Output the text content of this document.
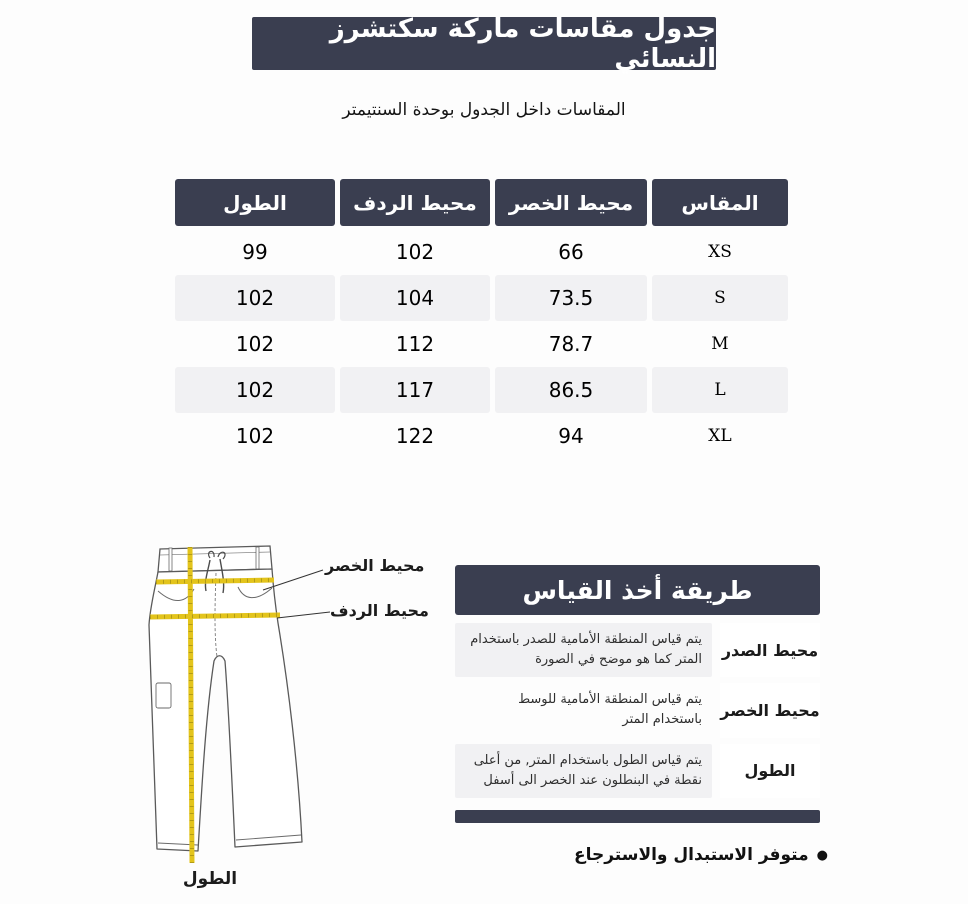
جدول مقاسات ماركة سكتشرز النسائي
المقاسات داخل الجدول بوحدة السنتيمتر
المقاس
محيط الخصر
محيط الردف
الطول
XS
66
102
99
S
73.5
104
102
M
78.7
112
102
L
86.5
117
102
XL
94
122
102
محيط الخصر
محيط الردف
الطول
طريقة أخذ القياس
محيط الصدر
يتم قياس المنطقة الأمامية للصدر باستخدام المتر كما هو موضح في الصورة
محيط الخصر
يتم قياس المنطقة الأمامية للوسط باستخدام المتر
الطول
يتم قياس الطول باستخدام المتر, من أعلى نقطة في البنطلون عند الخصر الى أسفل
●
متوفر الاستبدال والاسترجاع
